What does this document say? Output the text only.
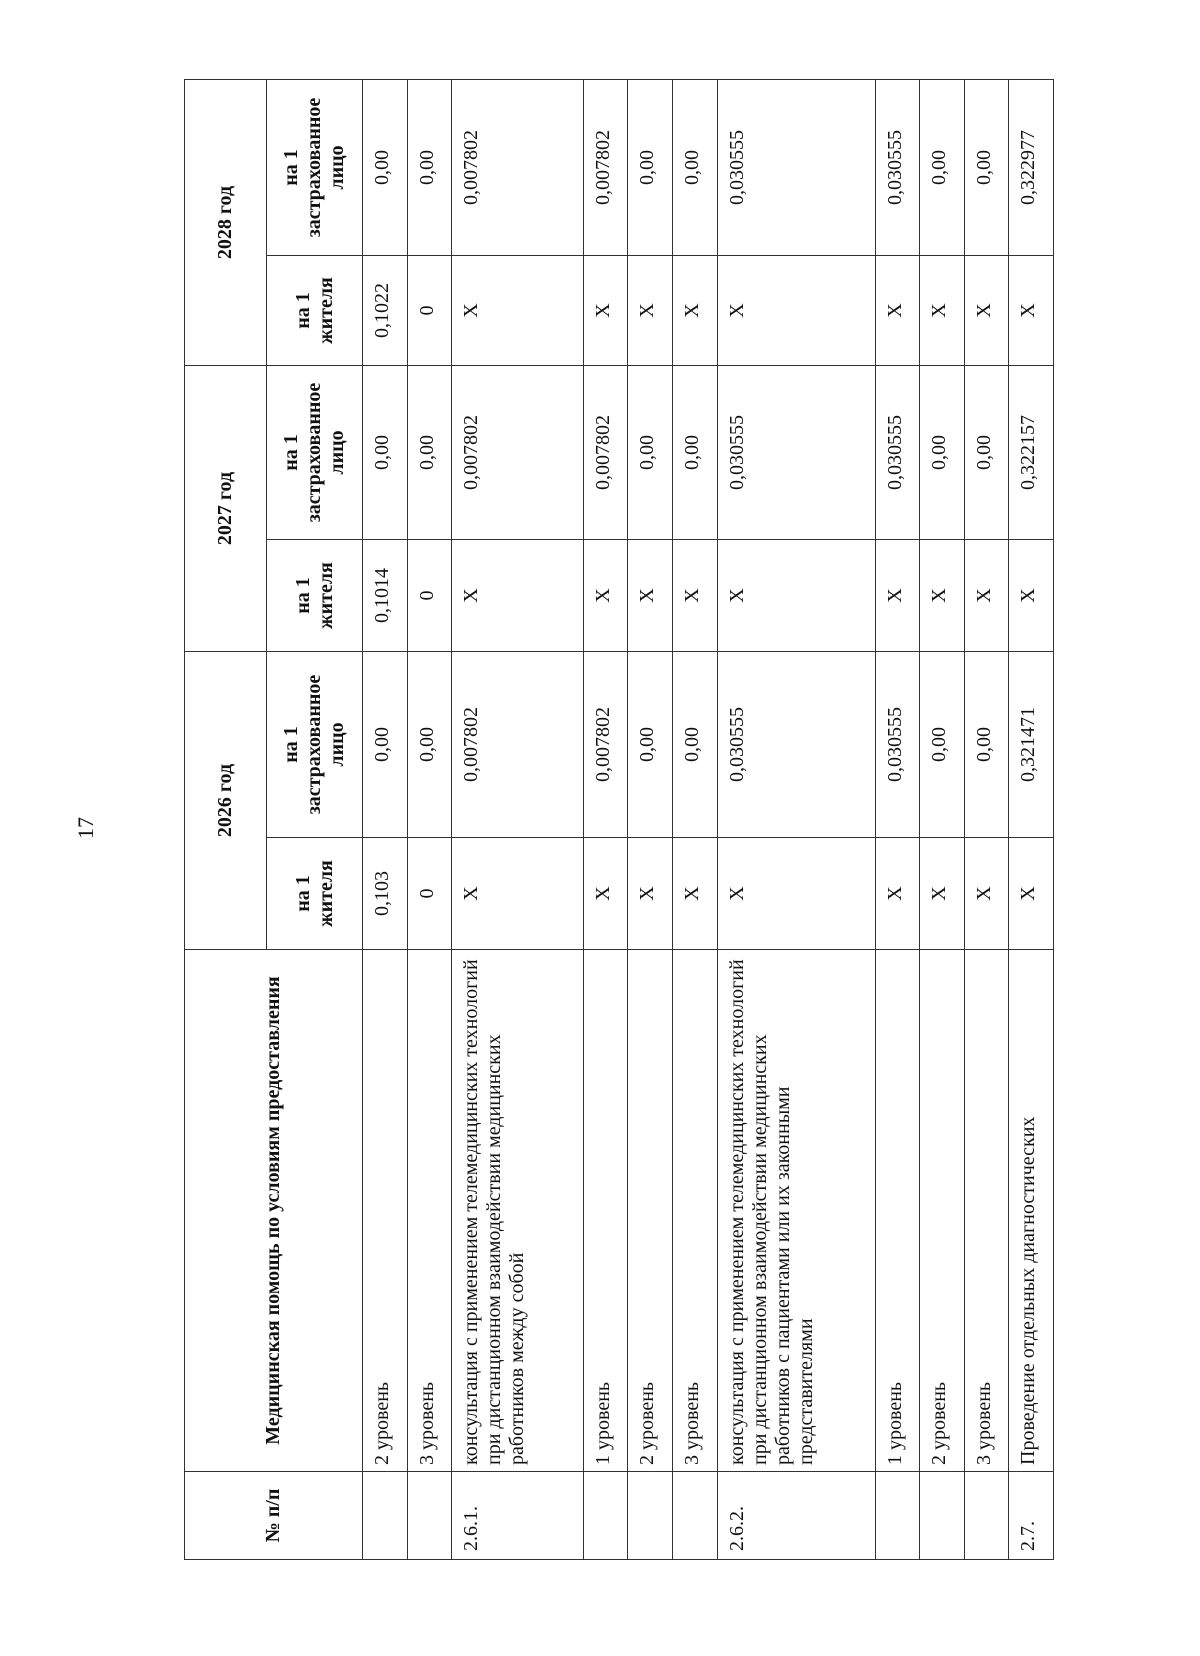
17
№ п/п	Медицинская помощь по условиям предоставления	2026 год		2027 год		2028 год	
		на 1 жителя	на 1 застрахованное лицо	на 1 жителя	на 1 застрахованное лицо	на 1 жителя	на 1 застрахованное лицо
	2 уровень	0,103	0,00	0,1014	0,00	0,1022	0,00
	3 уровень	0	0,00	0	0,00	0	0,00
2.6.1.	консультация с применением телемедицинских технологий при дистанционном взаимодействии медицинских работников между собой	X	0,007802	X	0,007802	X	0,007802
	1 уровень	X	0,007802	X	0,007802	X	0,007802
	2 уровень	X	0,00	X	0,00	X	0,00
	3 уровень	X	0,00	X	0,00	X	0,00
2.6.2.	консультация с применением телемедицинских технологий при дистанционном взаимодействии медицинских работников с пациентами или их законными представителями	X	0,030555	X	0,030555	X	0,030555
	1 уровень	X	0,030555	X	0,030555	X	0,030555
	2 уровень	X	0,00	X	0,00	X	0,00
	3 уровень	X	0,00	X	0,00	X	0,00
2.7.	Проведение отдельных диагностических	X	0,321471	X	0,322157	X	0,322977
